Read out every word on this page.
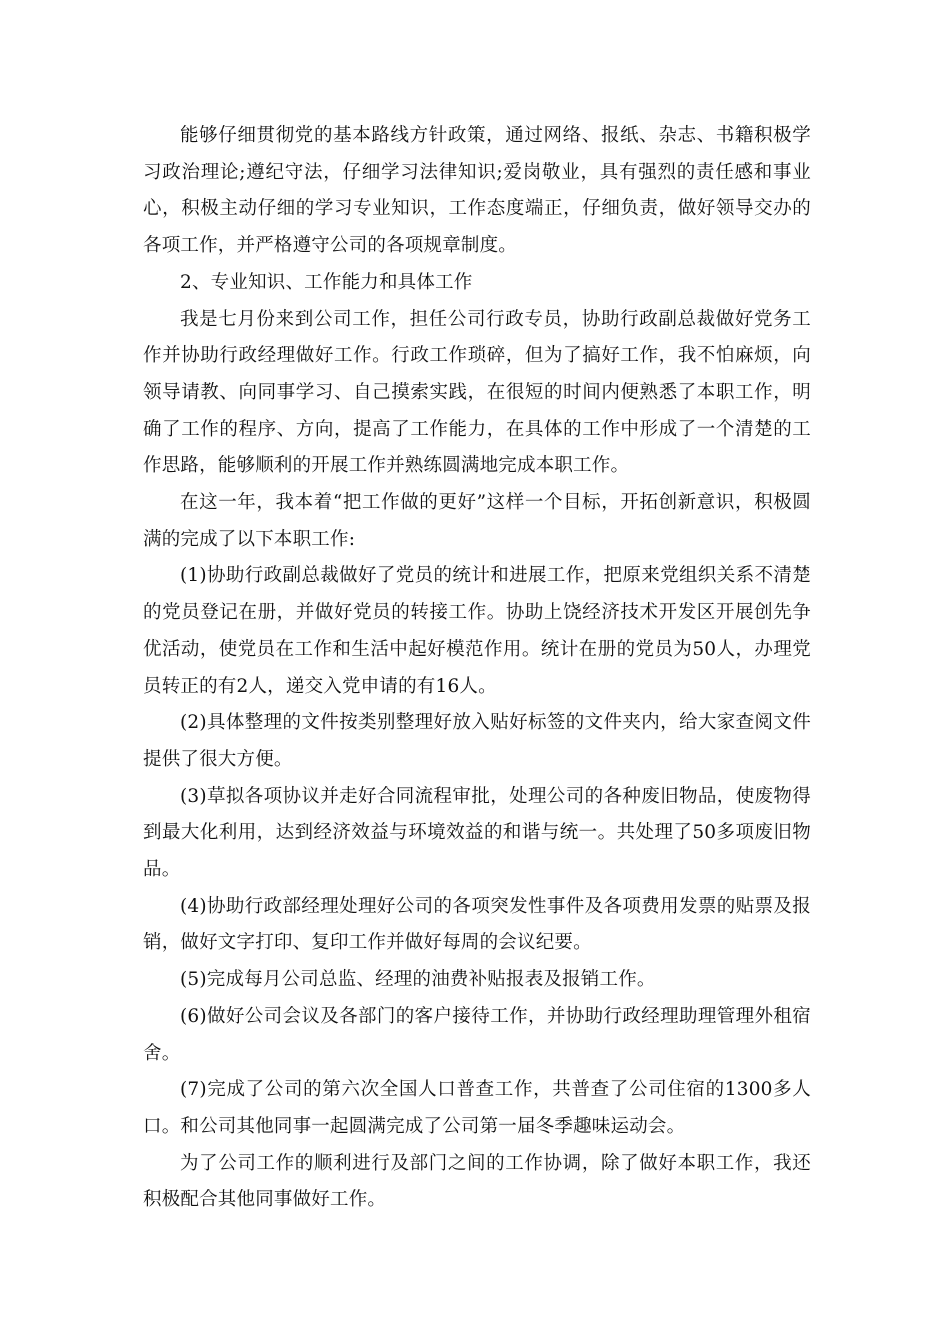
能够仔细贯彻党的基本路线方针政策，通过网络、报纸、杂志、书籍积极学习政治理论;遵纪守法，仔细学习法律知识;爱岗敬业，具有强烈的责任感和事业心，积极主动仔细的学习专业知识，工作态度端正，仔细负责，做好领导交办的各项工作，并严格遵守公司的各项规章制度。

2、专业知识、工作能力和具体工作

我是七月份来到公司工作，担任公司行政专员，协助行政副总裁做好党务工作并协助行政经理做好工作。行政工作琐碎，但为了搞好工作，我不怕麻烦，向领导请教、向同事学习、自己摸索实践，在很短的时间内便熟悉了本职工作，明确了工作的程序、方向，提高了工作能力，在具体的工作中形成了一个清楚的工作思路，能够顺利的开展工作并熟练圆满地完成本职工作。

在这一年，我本着“把工作做的更好”这样一个目标，开拓创新意识，积极圆满的完成了以下本职工作:

(1)协助行政副总裁做好了党员的统计和进展工作，把原来党组织关系不清楚的党员登记在册，并做好党员的转接工作。协助上饶经济技术开发区开展创先争优活动，使党员在工作和生活中起好模范作用。统计在册的党员为50人，办理党员转正的有2人，递交入党申请的有16人。

(2)具体整理的文件按类别整理好放入贴好标签的文件夹内，给大家查阅文件提供了很大方便。

(3)草拟各项协议并走好合同流程审批，处理公司的各种废旧物品，使废物得到最大化利用，达到经济效益与环境效益的和谐与统一。共处理了50多项废旧物品。

(4)协助行政部经理处理好公司的各项突发性事件及各项费用发票的贴票及报销，做好文字打印、复印工作并做好每周的会议纪要。

(5)完成每月公司总监、经理的油费补贴报表及报销工作。

(6)做好公司会议及各部门的客户接待工作，并协助行政经理助理管理外租宿舍。

(7)完成了公司的第六次全国人口普查工作，共普查了公司住宿的1300多人口。和公司其他同事一起圆满完成了公司第一届冬季趣味运动会。

为了公司工作的顺利进行及部门之间的工作协调，除了做好本职工作，我还积极配合其他同事做好工作。
